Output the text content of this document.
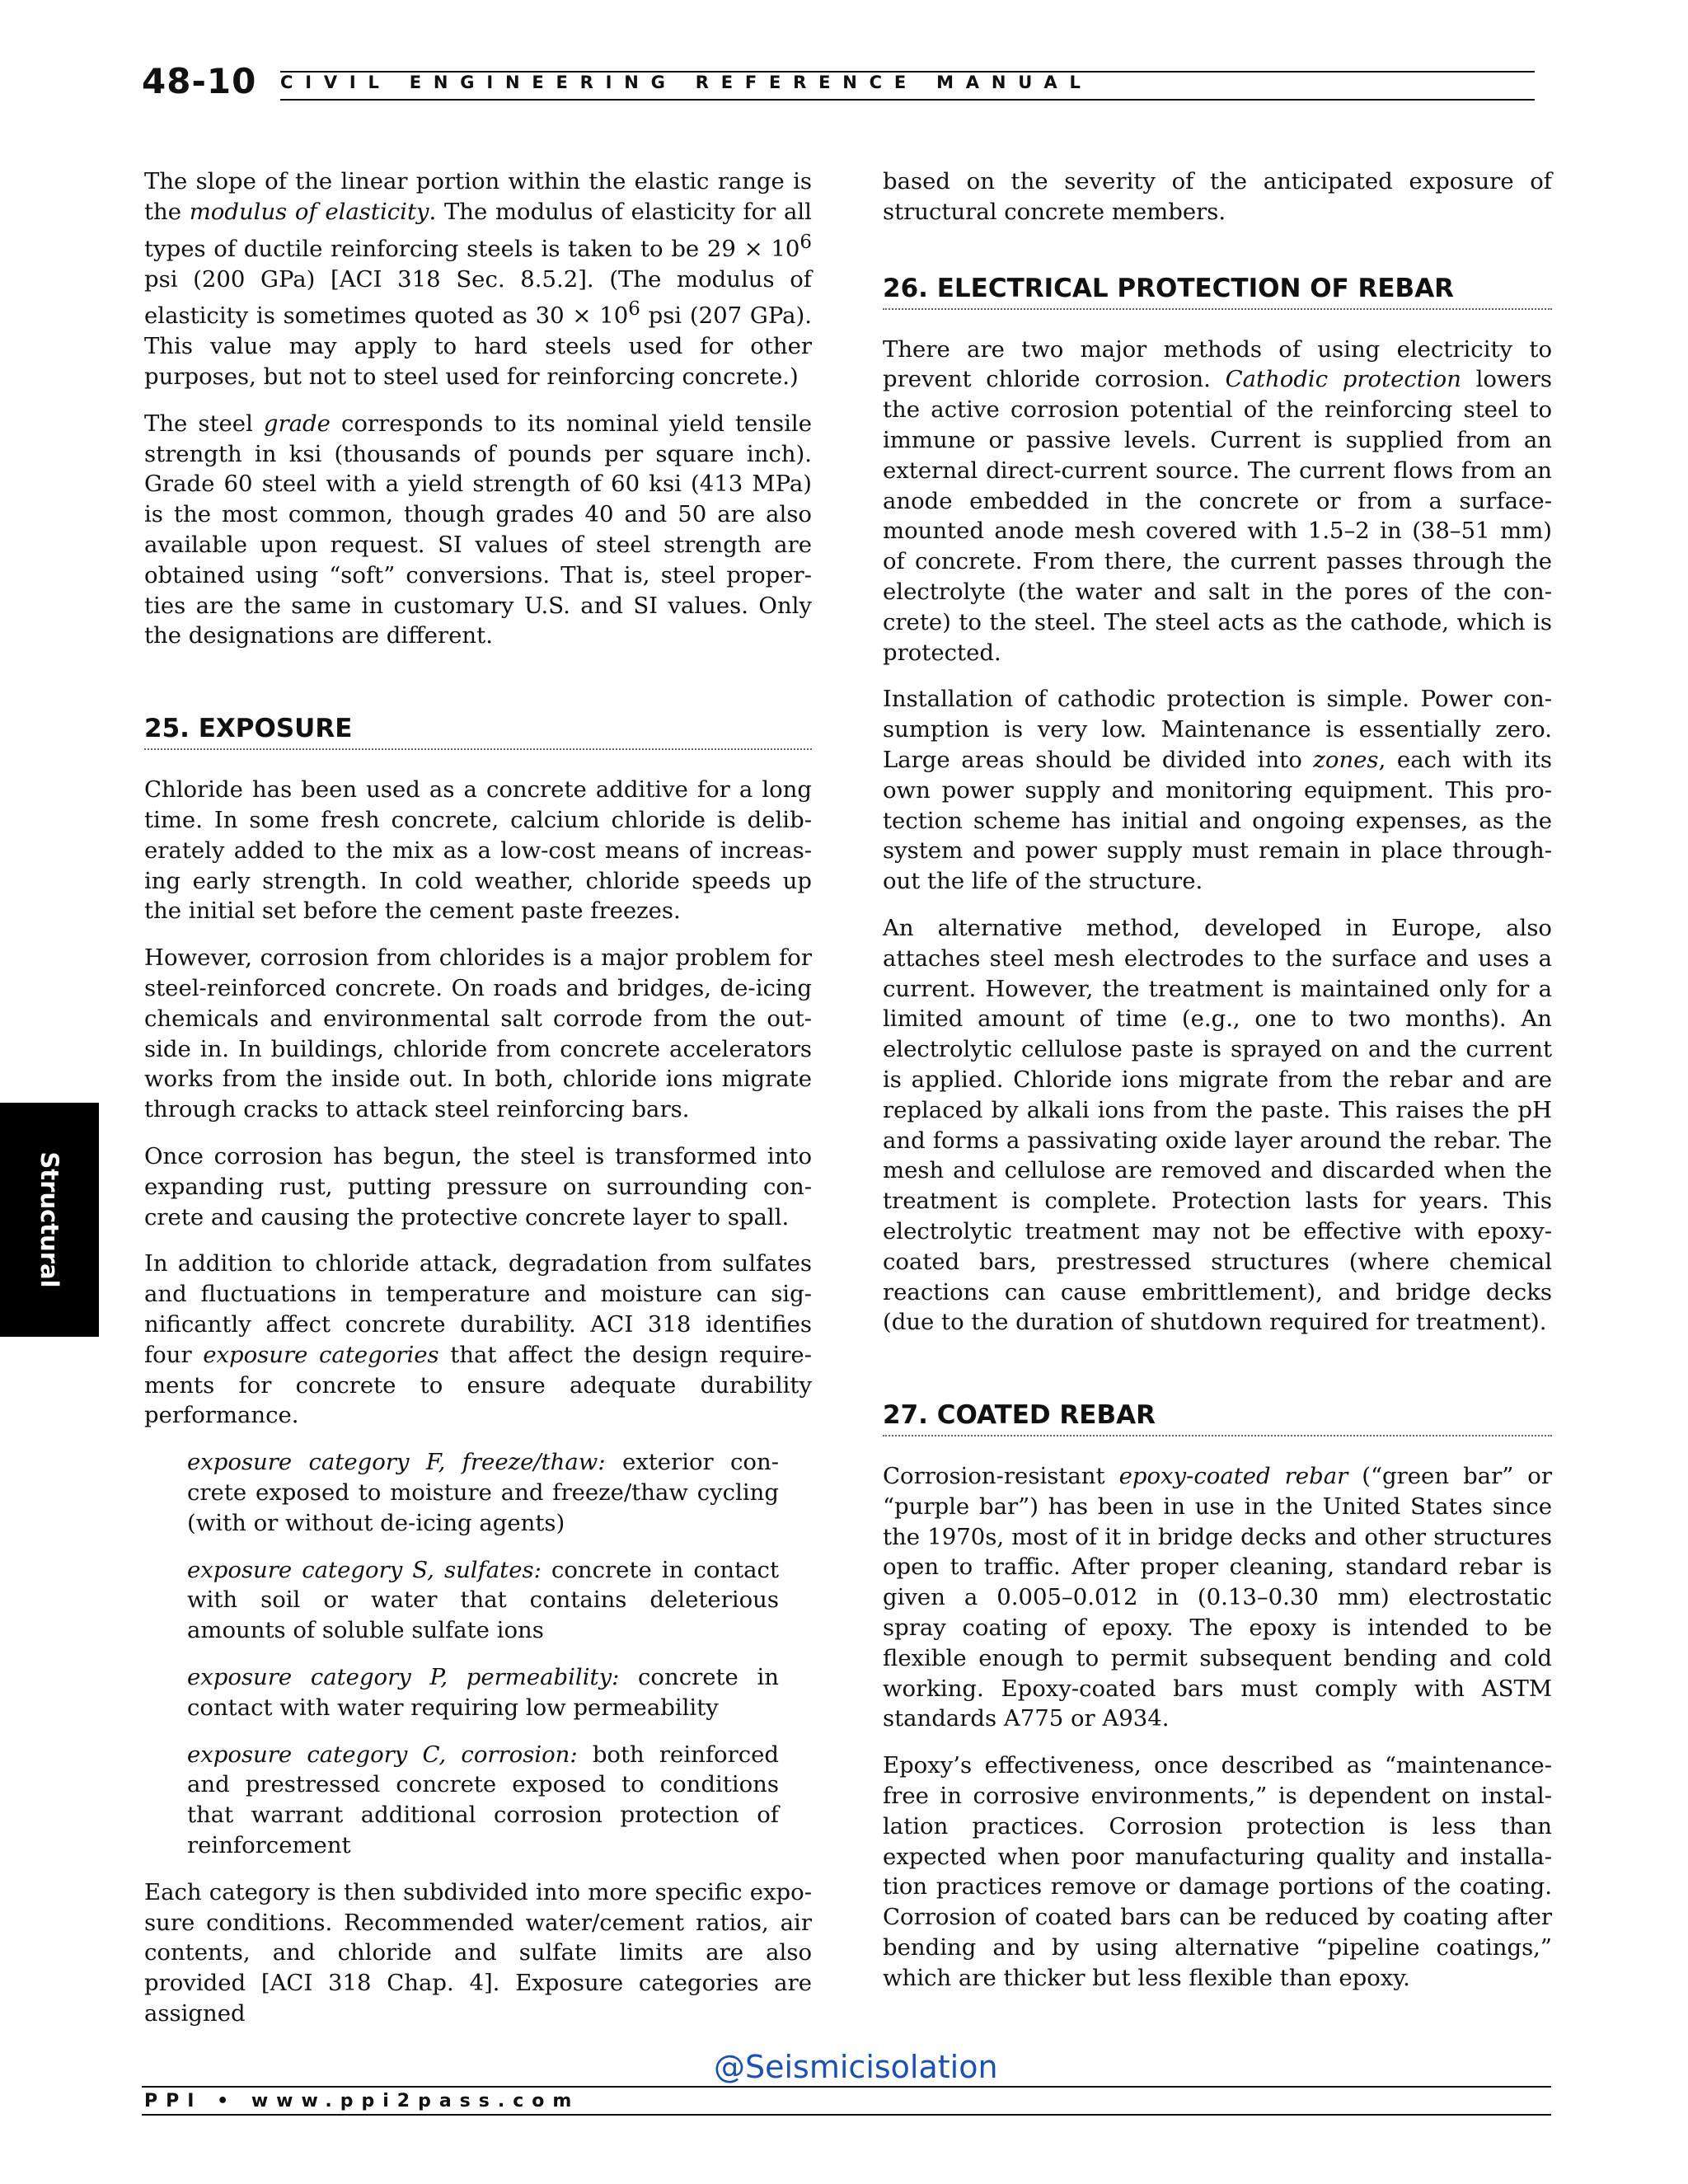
48-10 CIVIL ENGINEERING REFERENCE MANUAL
Structural

The slope of the linear portion within the elastic range is the modulus of elasticity. The modulus of elasticity for all types of ductile reinforcing steels is taken to be $29 \times 10^6$ psi (200 GPa) [ACI 318 Sec. 8.5.2]. (The modulus of elasticity is sometimes quoted as $30 \times 10^6$ psi (207 GPa). This value may apply to hard steels used for other purposes, but not to steel used for reinforcing concrete.)

The steel grade corresponds to its nominal yield tensile strength in ksi (thousands of pounds per square inch). Grade 60 steel with a yield strength of 60 ksi (413 MPa) is the most common, though grades 40 and 50 are also available upon request. SI values of steel strength are obtained using “soft” conversions. That is, steel properties are the same in customary U.S. and SI values. Only the designations are different.

25. EXPOSURE

Chloride has been used as a concrete additive for a long time. In some fresh concrete, calcium chloride is deliberately added to the mix as a low-cost means of increasing early strength. In cold weather, chloride speeds up the initial set before the cement paste freezes.

However, corrosion from chlorides is a major problem for steel-reinforced concrete. On roads and bridges, de-icing chemicals and environmental salt corrode from the outside in. In buildings, chloride from concrete accelerators works from the inside out. In both, chloride ions migrate through cracks to attack steel reinforcing bars.

Once corrosion has begun, the steel is transformed into expanding rust, putting pressure on surrounding concrete and causing the protective concrete layer to spall.

In addition to chloride attack, degradation from sulfates and fluctuations in temperature and moisture can significantly affect concrete durability. ACI 318 identifies four exposure categories that affect the design requirements for concrete to ensure adequate durability performance.

exposure category F, freeze/thaw: exterior concrete exposed to moisture and freeze/thaw cycling (with or without de-icing agents)
exposure category S, sulfates: concrete in contact with soil or water that contains deleterious amounts of soluble sulfate ions
exposure category P, permeability: concrete in contact with water requiring low permeability
exposure category C, corrosion: both reinforced and prestressed concrete exposed to conditions that warrant additional corrosion protection of reinforcement

Each category is then subdivided into more specific exposure conditions. Recommended water/cement ratios, air contents, and chloride and sulfate limits are also provided [ACI 318 Chap. 4]. Exposure categories are assigned

based on the severity of the anticipated exposure of structural concrete members.

26. ELECTRICAL PROTECTION OF REBAR

There are two major methods of using electricity to prevent chloride corrosion. Cathodic protection lowers the active corrosion potential of the reinforcing steel to immune or passive levels. Current is supplied from an external direct-current source. The current flows from an anode embedded in the concrete or from a surface-mounted anode mesh covered with 1.5–2 in (38–51 mm) of concrete. From there, the current passes through the electrolyte (the water and salt in the pores of the concrete) to the steel. The steel acts as the cathode, which is protected.

Installation of cathodic protection is simple. Power consumption is very low. Maintenance is essentially zero. Large areas should be divided into zones, each with its own power supply and monitoring equipment. This protection scheme has initial and ongoing expenses, as the system and power supply must remain in place throughout the life of the structure.

An alternative method, developed in Europe, also attaches steel mesh electrodes to the surface and uses a current. However, the treatment is maintained only for a limited amount of time (e.g., one to two months). An electrolytic cellulose paste is sprayed on and the current is applied. Chloride ions migrate from the rebar and are replaced by alkali ions from the paste. This raises the pH and forms a passivating oxide layer around the rebar. The mesh and cellulose are removed and discarded when the treatment is complete. Protection lasts for years. This electrolytic treatment may not be effective with epoxy-coated bars, prestressed structures (where chemical reactions can cause embrittlement), and bridge decks (due to the duration of shutdown required for treatment).

27. COATED REBAR

Corrosion-resistant epoxy-coated rebar (“green bar” or “purple bar”) has been in use in the United States since the 1970s, most of it in bridge decks and other structures open to traffic. After proper cleaning, standard rebar is given a 0.005–0.012 in (0.13–0.30 mm) electrostatic spray coating of epoxy. The epoxy is intended to be flexible enough to permit subsequent bending and cold working. Epoxy-coated bars must comply with ASTM standards A775 or A934.

Epoxy’s effectiveness, once described as “maintenance-free in corrosive environments,” is dependent on installation practices. Corrosion protection is less than expected when poor manufacturing quality and installation practices remove or damage portions of the coating. Corrosion of coated bars can be reduced by coating after bending and by using alternative “pipeline coatings,” which are thicker but less flexible than epoxy.

@Seismicisolation
PPI • www.ppi2pass.com
